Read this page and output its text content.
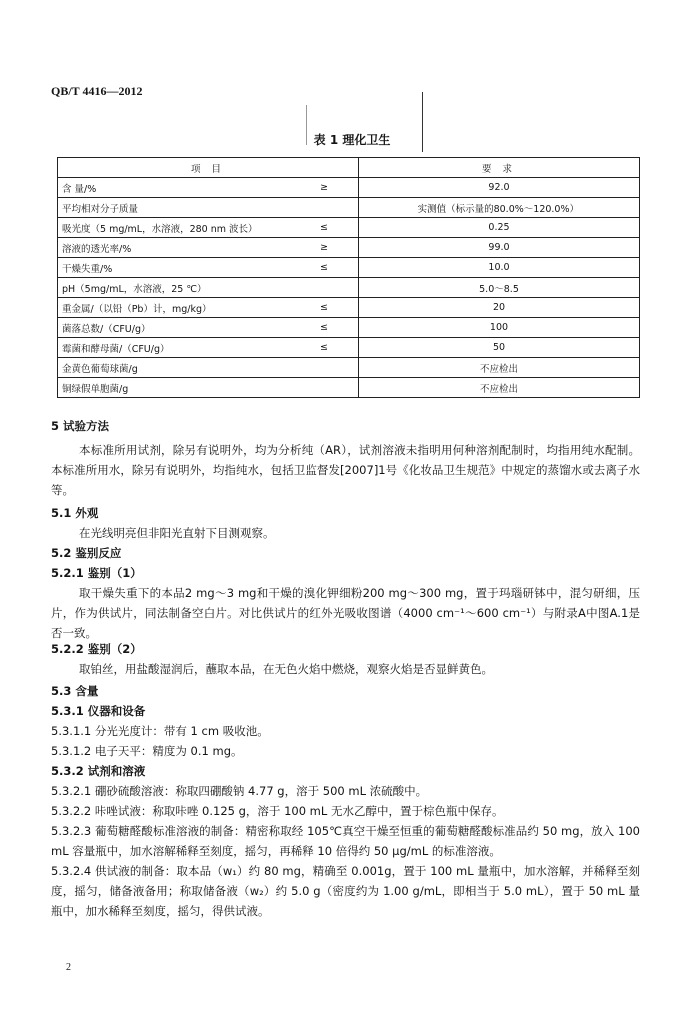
QB/T 4416—2012
表 1 理化卫生
项 目		要 求
含 量/%	≥	92.0
平均相对分子质量		实测值（标示量的80.0%～120.0%）
吸光度（5 mg/mL，水溶液，280 nm 波长）	≤	0.25
溶液的透光率/%	≥	99.0
干燥失重/%	≤	10.0
pH（5mg/mL，水溶液，25 ℃）		5.0～8.5
重金属/（以铅（Pb）计，mg/kg）	≤	20
菌落总数/（CFU/g）	≤	100
霉菌和酵母菌/（CFU/g）	≤	50
金黄色葡萄球菌/g		不应检出
铜绿假单胞菌/g		不应检出
5 试验方法
本标准所用试剂，除另有说明外，均为分析纯（AR），试剂溶液未指明用何种溶剂配制时，均指用纯水配制。本标准所用水，除另有说明外，均指纯水，包括卫监督发[2007]1号《化妆品卫生规范》中规定的蒸馏水或去离子水等。
5.1 外观
在光线明亮但非阳光直射下目测观察。
5.2 鉴别反应
5.2.1 鉴别（1）
取干燥失重下的本品2 mg～3 mg和干燥的溴化钾细粉200 mg～300 mg，置于玛瑙研钵中，混匀研细，压片，作为供试片，同法制备空白片。对比供试片的红外光吸收图谱（4000 cm⁻¹～600 cm⁻¹）与附录A中图A.1是否一致。
5.2.2 鉴别（2）
取铂丝，用盐酸湿润后，蘸取本品，在无色火焰中燃烧，观察火焰是否显鲜黄色。
5.3 含量
5.3.1 仪器和设备
5.3.1.1 分光光度计：带有 1 cm 吸收池。
5.3.1.2 电子天平：精度为 0.1 mg。
5.3.2 试剂和溶液
5.3.2.1 硼砂硫酸溶液：称取四硼酸钠 4.77 g，溶于 500 mL 浓硫酸中。
5.3.2.2 咔唑试液：称取咔唑 0.125 g，溶于 100 mL 无水乙醇中，置于棕色瓶中保存。
5.3.2.3 葡萄糖醛酸标准溶液的制备：精密称取经 105℃真空干燥至恒重的葡萄糖醛酸标准品约 50 mg，放入 100 mL 容量瓶中，加水溶解稀释至刻度，摇匀，再稀释 10 倍得约 50 μg/mL 的标准溶液。
5.3.2.4 供试液的制备：取本品（w₁）约 80 mg，精确至 0.001g，置于 100 mL 量瓶中，加水溶解，并稀释至刻度，摇匀，储备液备用；称取储备液（w₂）约 5.0 g（密度约为 1.00 g/mL，即相当于 5.0 mL），置于 50 mL 量瓶中，加水稀释至刻度，摇匀，得供试液。
2
